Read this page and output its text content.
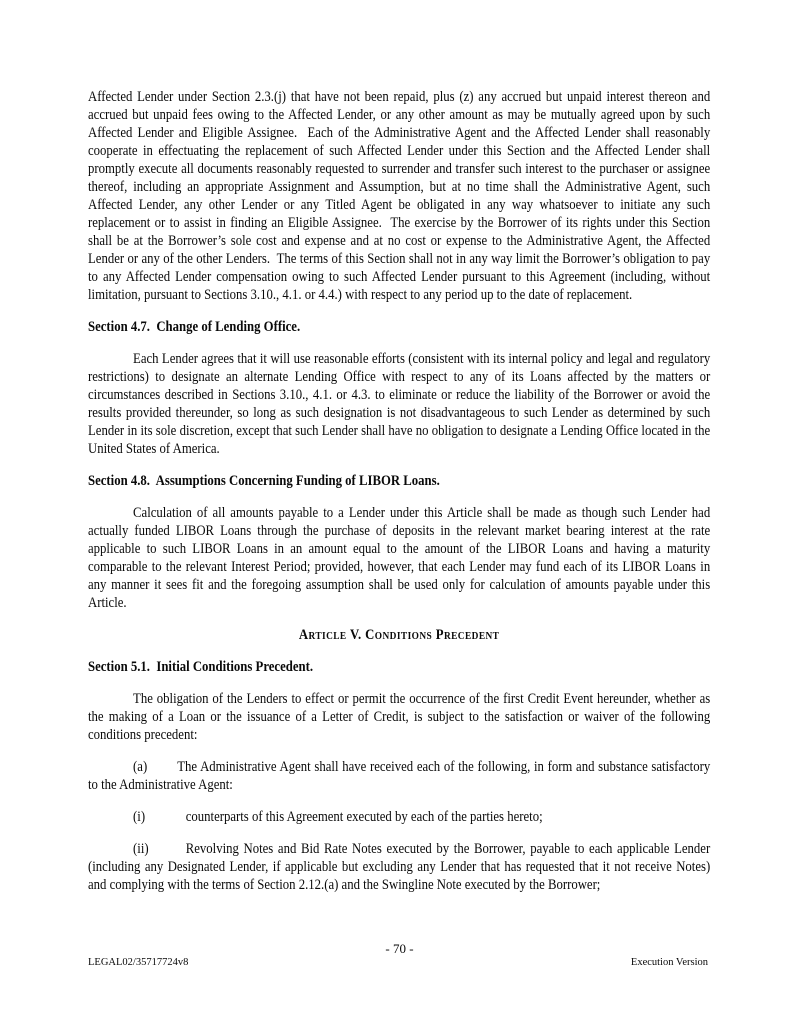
Affected Lender under Section 2.3.(j) that have not been repaid, plus (z) any accrued but unpaid interest thereon and accrued but unpaid fees owing to the Affected Lender, or any other amount as may be mutually agreed upon by such Affected Lender and Eligible Assignee.  Each of the Administrative Agent and the Affected Lender shall reasonably cooperate in effectuating the replacement of such Affected Lender under this Section and the Affected Lender shall promptly execute all documents reasonably requested to surrender and transfer such interest to the purchaser or assignee thereof, including an appropriate Assignment and Assumption, but at no time shall the Administrative Agent, such Affected Lender, any other Lender or any Titled Agent be obligated in any way whatsoever to initiate any such replacement or to assist in finding an Eligible Assignee.  The exercise by the Borrower of its rights under this Section shall be at the Borrower’s sole cost and expense and at no cost or expense to the Administrative Agent, the Affected Lender or any of the other Lenders.  The terms of this Section shall not in any way limit the Borrower’s obligation to pay to any Affected Lender compensation owing to such Affected Lender pursuant to this Agreement (including, without limitation, pursuant to Sections 3.10., 4.1. or 4.4.) with respect to any period up to the date of replacement.

Section 4.7.  Change of Lending Office.

Each Lender agrees that it will use reasonable efforts (consistent with its internal policy and legal and regulatory restrictions) to designate an alternate Lending Office with respect to any of its Loans affected by the matters or circumstances described in Sections 3.10., 4.1. or 4.3. to eliminate or reduce the liability of the Borrower or avoid the results provided thereunder, so long as such designation is not disadvantageous to such Lender as determined by such Lender in its sole discretion, except that such Lender shall have no obligation to designate a Lending Office located in the United States of America.

Section 4.8.  Assumptions Concerning Funding of LIBOR Loans.

Calculation of all amounts payable to a Lender under this Article shall be made as though such Lender had actually funded LIBOR Loans through the purchase of deposits in the relevant market bearing interest at the rate applicable to such LIBOR Loans in an amount equal to the amount of the LIBOR Loans and having a maturity comparable to the relevant Interest Period; provided, however, that each Lender may fund each of its LIBOR Loans in any manner it sees fit and the foregoing assumption shall be used only for calculation of amounts payable under this Article.

Article V. Conditions Precedent

Section 5.1.  Initial Conditions Precedent.

The obligation of the Lenders to effect or permit the occurrence of the first Credit Event hereunder, whether as the making of a Loan or the issuance of a Letter of Credit, is subject to the satisfaction or waiver of the following conditions precedent:

(a) The Administrative Agent shall have received each of the following, in form and substance satisfactory to the Administrative Agent:

(i)	counterparts of this Agreement executed by each of the parties hereto;

(ii) Revolving Notes and Bid Rate Notes executed by the Borrower, payable to each applicable Lender (including any Designated Lender, if applicable but excluding any Lender that has requested that it not receive Notes) and complying with the terms of Section 2.12.(a) and the Swingline Note executed by the Borrower;

- 70 -
LEGAL02/35717724v8	Execution Version
